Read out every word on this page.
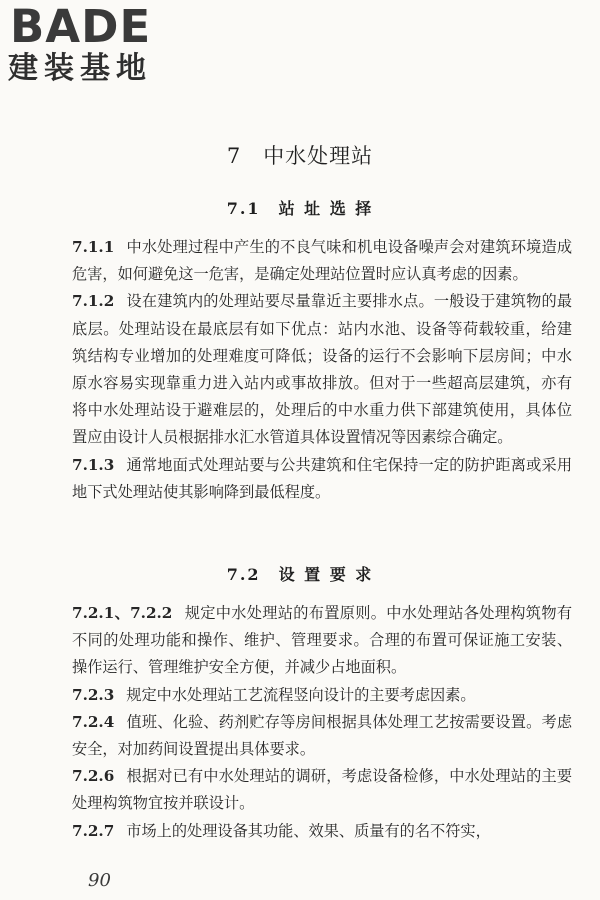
BADE
建装基地
7 中水处理站
7.1 站 址 选 择

7.1.1 中水处理过程中产生的不良气味和机电设备噪声会对建筑环境造成危害，如何避免这一危害，是确定处理站位置时应认真考虑的因素。

7.1.2 设在建筑内的处理站要尽量靠近主要排水点。一般设于建筑物的最底层。处理站设在最底层有如下优点：站内水池、设备等荷载较重，给建筑结构专业增加的处理难度可降低；设备的运行不会影响下层房间；中水原水容易实现靠重力进入站内或事故排放。但对于一些超高层建筑，亦有将中水处理站设于避难层的，处理后的中水重力供下部建筑使用，具体位置应由设计人员根据排水汇水管道具体设置情况等因素综合确定。

7.1.3 通常地面式处理站要与公共建筑和住宅保持一定的防护距离或采用地下式处理站使其影响降到最低程度。

7.2 设 置 要 求

7.2.1、7.2.2 规定中水处理站的布置原则。中水处理站各处理构筑物有不同的处理功能和操作、维护、管理要求。合理的布置可保证施工安装、操作运行、管理维护安全方便，并减少占地面积。

7.2.3 规定中水处理站工艺流程竖向设计的主要考虑因素。

7.2.4 值班、化验、药剂贮存等房间根据具体处理工艺按需要设置。考虑安全，对加药间设置提出具体要求。

7.2.6 根据对已有中水处理站的调研，考虑设备检修，中水处理站的主要处理构筑物宜按并联设计。

7.2.7 市场上的处理设备其功能、效果、质量有的名不符实，

90
